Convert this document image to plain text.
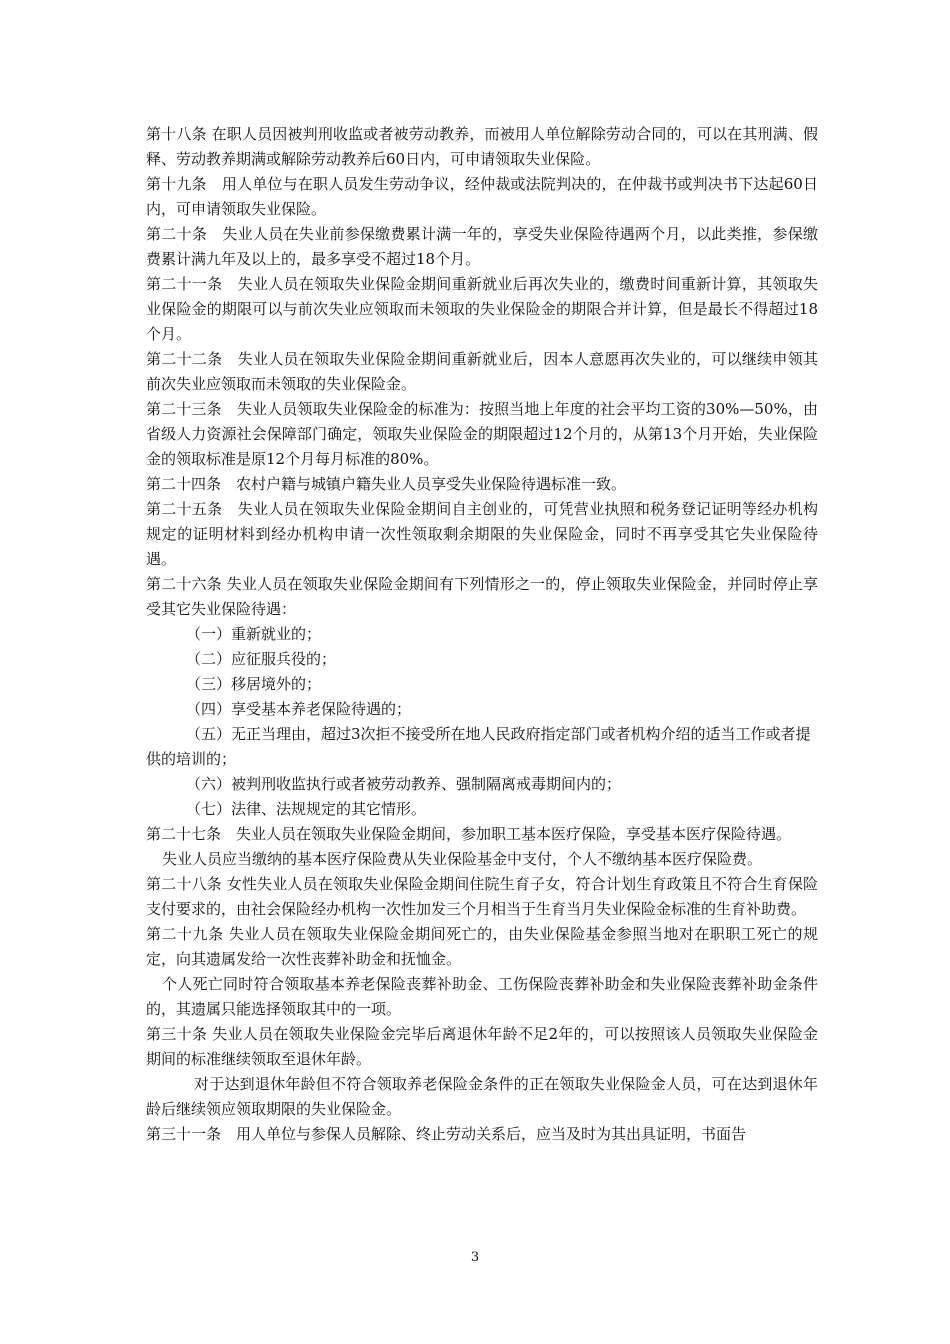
第十八条 在职人员因被判刑收监或者被劳动教养，而被用人单位解除劳动合同的，可以在其刑满、假释、劳动教养期满或解除劳动教养后60日内，可申请领取失业保险。

第十九条　用人单位与在职人员发生劳动争议，经仲裁或法院判决的，在仲裁书或判决书下达起60日内，可申请领取失业保险。

第二十条　失业人员在失业前参保缴费累计满一年的，享受失业保险待遇两个月，以此类推，参保缴费累计满九年及以上的，最多享受不超过18个月。

第二十一条　失业人员在领取失业保险金期间重新就业后再次失业的，缴费时间重新计算，其领取失业保险金的期限可以与前次失业应领取而未领取的失业保险金的期限合并计算，但是最长不得超过18个月。

第二十二条　失业人员在领取失业保险金期间重新就业后，因本人意愿再次失业的，可以继续申领其前次失业应领取而未领取的失业保险金。

第二十三条　失业人员领取失业保险金的标准为：按照当地上年度的社会平均工资的30%—50%，由省级人力资源社会保障部门确定，领取失业保险金的期限超过12个月的，从第13个月开始，失业保险金的领取标准是原12个月每月标准的80%。

第二十四条　农村户籍与城镇户籍失业人员享受失业保险待遇标准一致。

第二十五条　失业人员在领取失业保险金期间自主创业的，可凭营业执照和税务登记证明等经办机构规定的证明材料到经办机构申请一次性领取剩余期限的失业保险金，同时不再享受其它失业保险待遇。

第二十六条 失业人员在领取失业保险金期间有下列情形之一的，停止领取失业保险金，并同时停止享受其它失业保险待遇：

（一）重新就业的；

（二）应征服兵役的；

（三）移居境外的；

（四）享受基本养老保险待遇的；

（五）无正当理由，超过3次拒不接受所在地人民政府指定部门或者机构介绍的适当工作或者提供的培训的；

（六）被判刑收监执行或者被劳动教养、强制隔离戒毒期间内的；

（七）法律、法规规定的其它情形。

第二十七条　失业人员在领取失业保险金期间，参加职工基本医疗保险，享受基本医疗保险待遇。

失业人员应当缴纳的基本医疗保险费从失业保险基金中支付，个人不缴纳基本医疗保险费。

第二十八条 女性失业人员在领取失业保险金期间住院生育子女，符合计划生育政策且不符合生育保险支付要求的，由社会保险经办机构一次性加发三个月相当于生育当月失业保险金标准的生育补助费。

第二十九条 失业人员在领取失业保险金期间死亡的，由失业保险基金参照当地对在职职工死亡的规定，向其遗属发给一次性丧葬补助金和抚恤金。

个人死亡同时符合领取基本养老保险丧葬补助金、工伤保险丧葬补助金和失业保险丧葬补助金条件的，其遗属只能选择领取其中的一项。

第三十条 失业人员在领取失业保险金完毕后离退休年龄不足2年的，可以按照该人员领取失业保险金期间的标准继续领取至退休年龄。

对于达到退休年龄但不符合领取养老保险金条件的正在领取失业保险金人员，可在达到退休年龄后继续领应领取期限的失业保险金。

第三十一条　用人单位与参保人员解除、终止劳动关系后，应当及时为其出具证明，书面告

3
